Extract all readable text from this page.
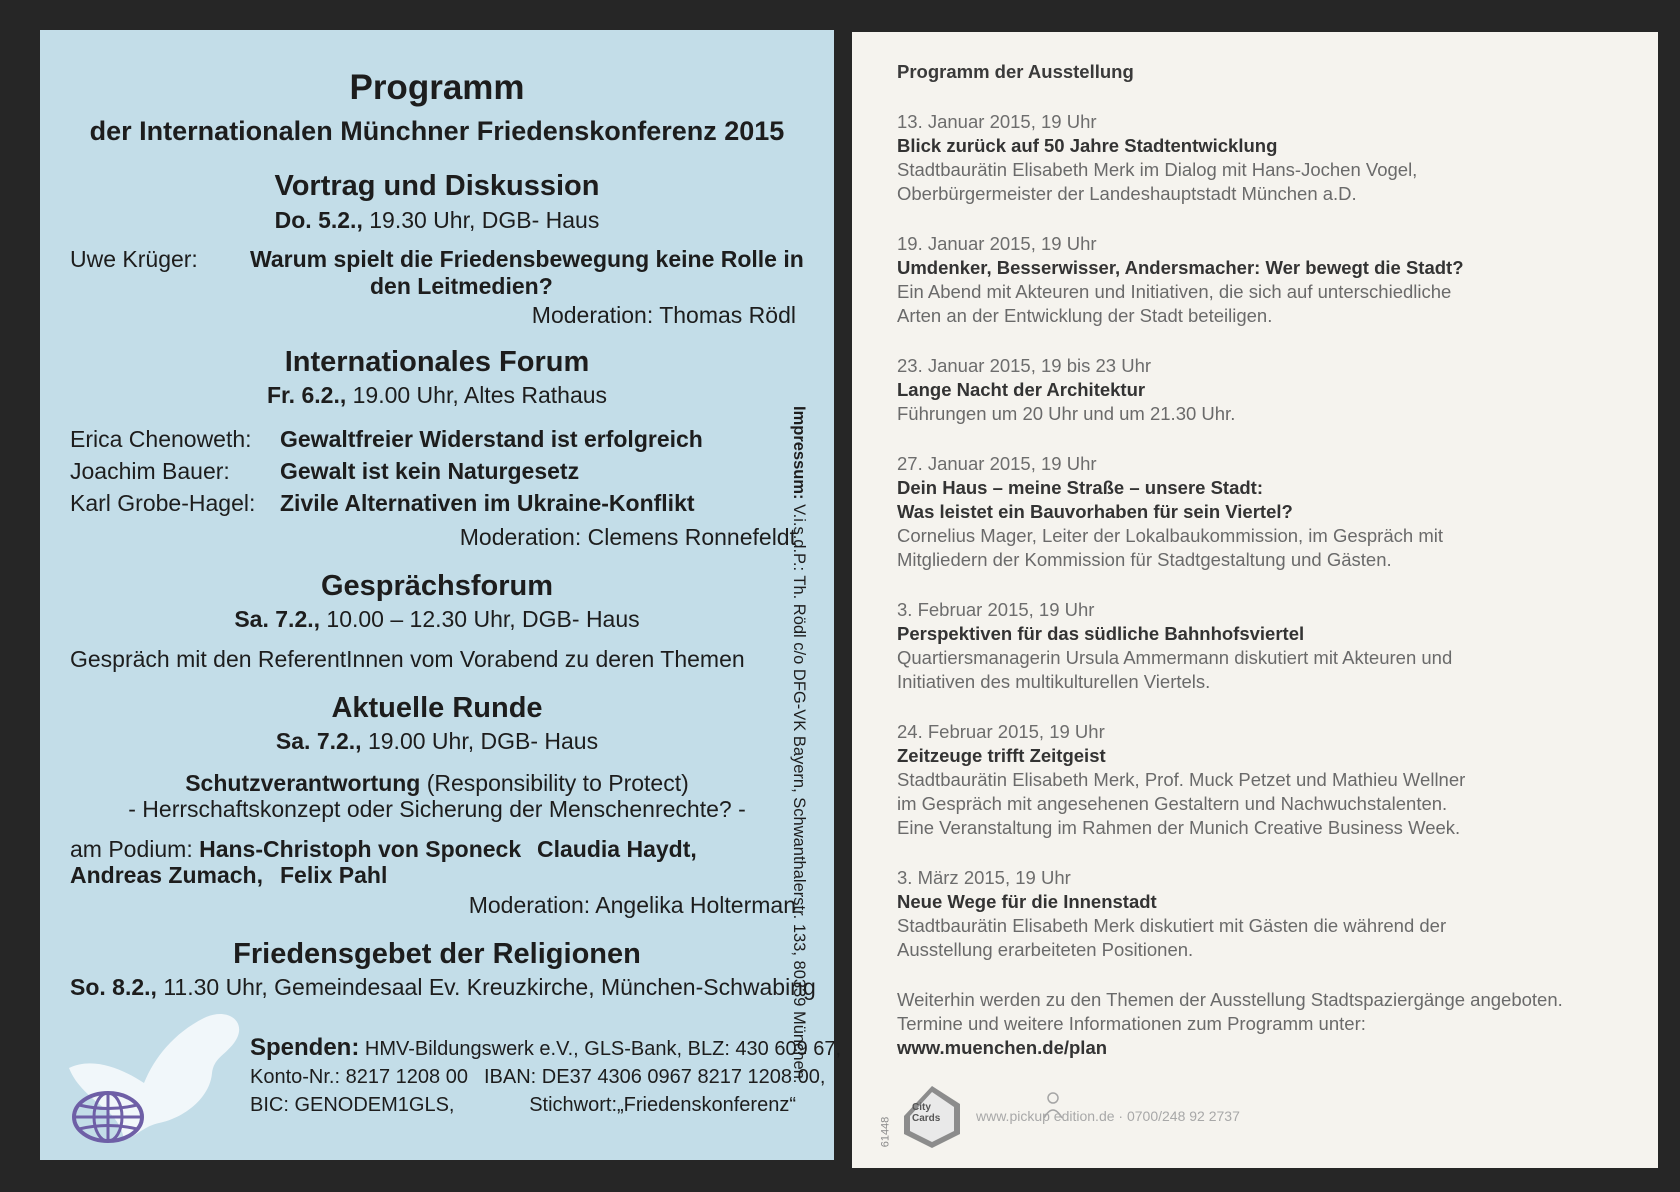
Programm
der Internationalen Münchner Friedenskonferenz 2015
Vortrag und Diskussion
Do. 5.2., 19.30 Uhr, DGB- Haus
Uwe Krüger: Warum spielt die Friedensbewegung keine Rolle in
den Leitmedien?
Moderation: Thomas Rödl
Internationales Forum
Fr. 6.2., 19.00 Uhr, Altes Rathaus
Erica Chenoweth: Gewaltfreier Widerstand ist erfolgreich
Joachim Bauer: Gewalt ist kein Naturgesetz
Karl Grobe-Hagel: Zivile Alternativen im Ukraine-Konflikt
Moderation: Clemens Ronnefeldt
Gesprächsforum
Sa. 7.2., 10.00 – 12.30 Uhr, DGB- Haus
Gespräch mit den ReferentInnen vom Vorabend zu deren Themen
Aktuelle Runde
Sa. 7.2., 19.00 Uhr, DGB- Haus
Schutzverantwortung (Responsibility to Protect)
- Herrschaftskonzept oder Sicherung der Menschenrechte? -
am Podium: Hans-Christoph von Sponeck Claudia Haydt,
Andreas Zumach, Felix Pahl
Moderation: Angelika Holterman
Friedensgebet der Religionen
So. 8.2., 11.30 Uhr, Gemeindesaal Ev. Kreuzkirche, München-Schwabing
Spenden: HMV-Bildungswerk e.V., GLS-Bank, BLZ: 430 609 67,
Konto-Nr.: 8217 1208 00 IBAN: DE37 4306 0967 8217 1208 00,
BIC: GENODEM1GLS,	Stichwort:„Friedenskonferenz“
Impressum: V.i.s.d.P.: Th. Rödl c/o DFG-VK Bayern, Schwanthalerstr. 133, 80339 München.
Programm der Ausstellung
13. Januar 2015, 19 Uhr
Blick zurück auf 50 Jahre Stadtentwicklung
Stadtbaurätin Elisabeth Merk im Dialog mit Hans-Jochen Vogel,
Oberbürgermeister der Landeshauptstadt München a.D.
19. Januar 2015, 19 Uhr
Umdenker, Besserwisser, Andersmacher: Wer bewegt die Stadt?
Ein Abend mit Akteuren und Initiativen, die sich auf unterschiedliche
Arten an der Entwicklung der Stadt beteiligen.
23. Januar 2015, 19 bis 23 Uhr
Lange Nacht der Architektur
Führungen um 20 Uhr und um 21.30 Uhr.
27. Januar 2015, 19 Uhr
Dein Haus – meine Straße – unsere Stadt:
Was leistet ein Bauvorhaben für sein Viertel?
Cornelius Mager, Leiter der Lokalbaukommission, im Gespräch mit
Mitgliedern der Kommission für Stadtgestaltung und Gästen.
3. Februar 2015, 19 Uhr
Perspektiven für das südliche Bahnhofsviertel
Quartiersmanagerin Ursula Ammermann diskutiert mit Akteuren und
Initiativen des multikulturellen Viertels.
24. Februar 2015, 19 Uhr
Zeitzeuge trifft Zeitgeist
Stadtbaurätin Elisabeth Merk, Prof. Muck Petzet und Mathieu Wellner
im Gespräch mit angesehenen Gestaltern und Nachwuchstalenten.
Eine Veranstaltung im Rahmen der Munich Creative Business Week.
3. März 2015, 19 Uhr
Neue Wege für die Innenstadt
Stadtbaurätin Elisabeth Merk diskutiert mit Gästen die während der
Ausstellung erarbeiteten Positionen.
Weiterhin werden zu den Themen der Ausstellung Stadtspaziergänge angeboten.
Termine und weitere Informationen zum Programm unter:
www.muenchen.de/plan
61448
City Cards	www.pickup edition.de · 0700/248 92 2737
